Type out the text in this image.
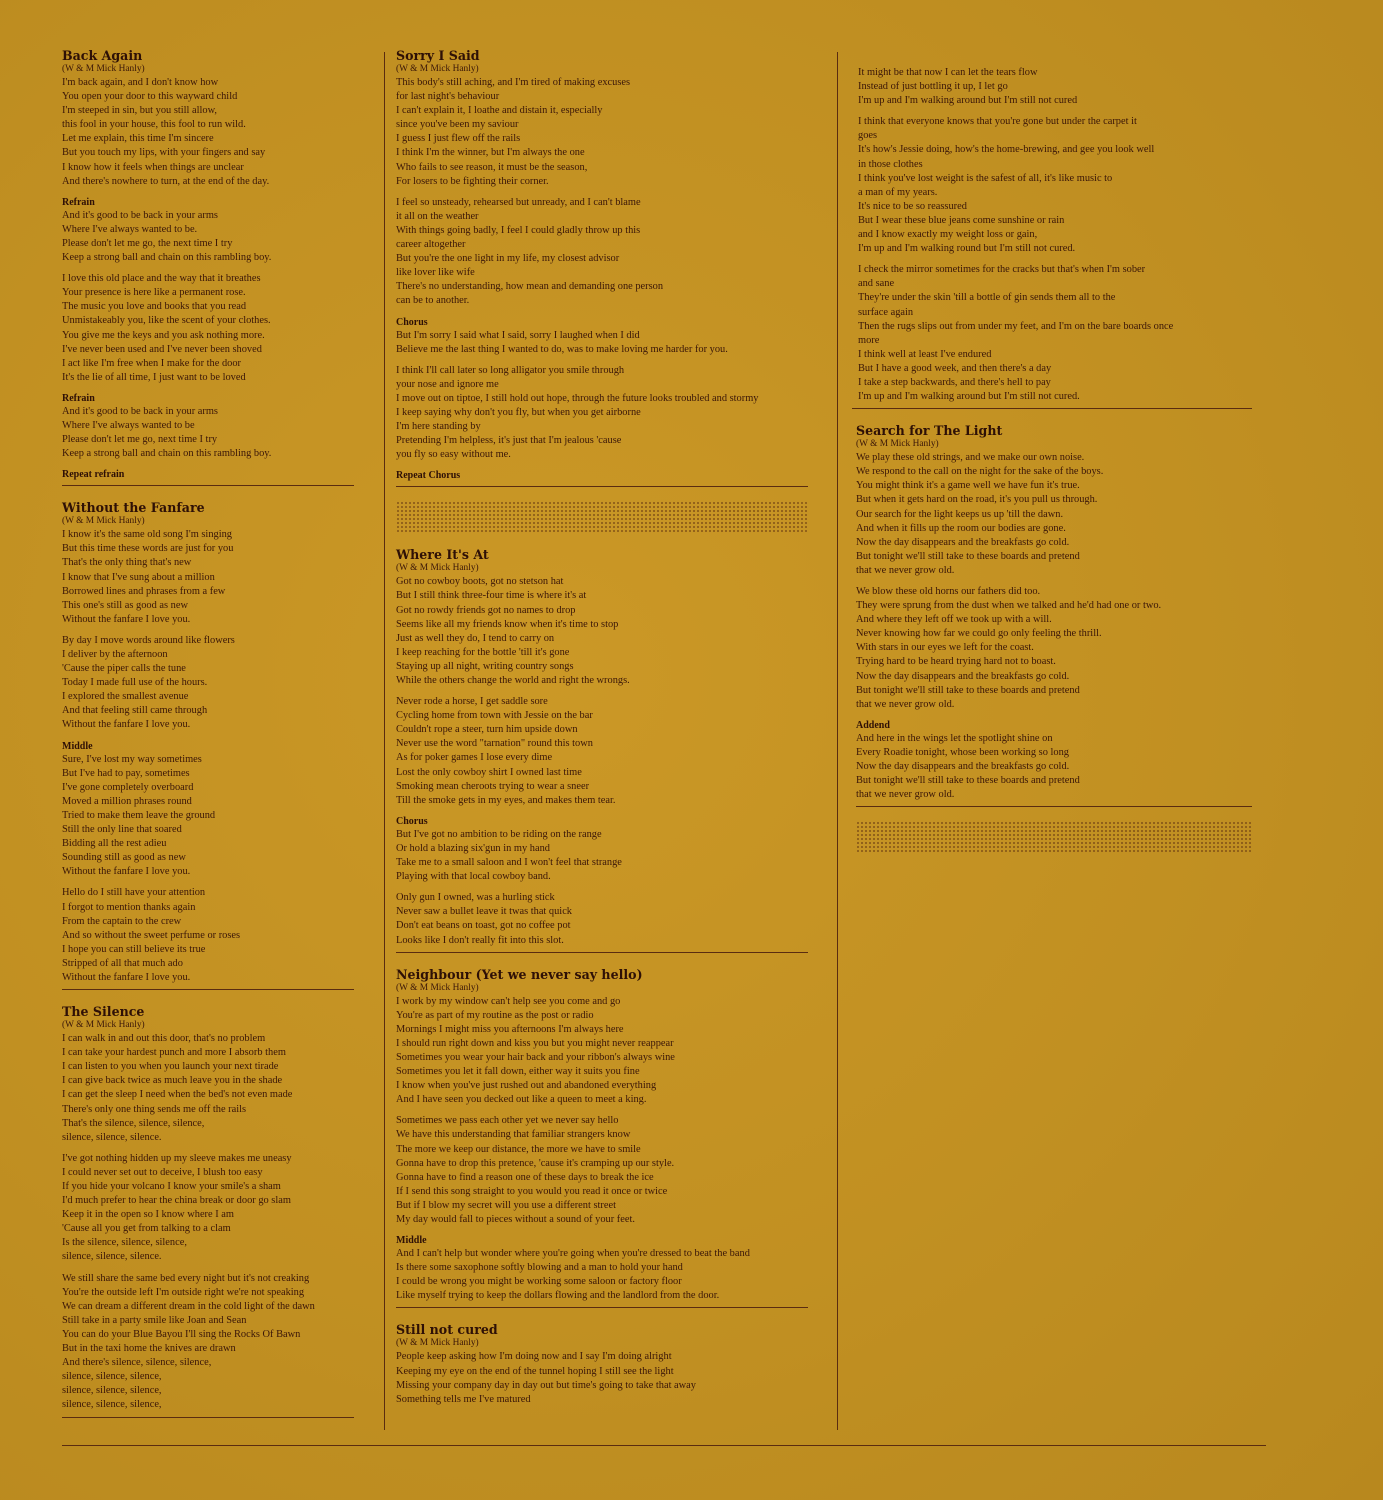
Back Again
(W & M Mick Hanly)
I'm back again, and I don't know how
You open your door to this wayward child
I'm steeped in sin, but you still allow,
this fool in your house, this fool to run wild.
Let me explain, this time I'm sincere
But you touch my lips, with your fingers and say
I know how it feels when things are unclear
And there's nowhere to turn, at the end of the day.
Refrain
And it's good to be back in your arms
Where I've always wanted to be.
Please don't let me go, the next time I try
Keep a strong ball and chain on this rambling boy.
I love this old place and the way that it breathes
Your presence is here like a permanent rose.
The music you love and books that you read
Unmistakeably you, like the scent of your clothes.
You give me the keys and you ask nothing more.
I've never been used and I've never been shoved
I act like I'm free when I make for the door
It's the lie of all time, I just want to be loved
Refrain
And it's good to be back in your arms
Where I've always wanted to be
Please don't let me go, next time I try
Keep a strong ball and chain on this rambling boy.
Repeat refrain
Without the Fanfare
(W & M Mick Hanly)
I know it's the same old song I'm singing
But this time these words are just for you
That's the only thing that's new
I know that I've sung about a million
Borrowed lines and phrases from a few
This one's still as good as new
Without the fanfare I love you.
By day I move words around like flowers
I deliver by the afternoon
'Cause the piper calls the tune
Today I made full use of the hours.
I explored the smallest avenue
And that feeling still came through
Without the fanfare I love you.
Middle
Sure, I've lost my way sometimes
But I've had to pay, sometimes
I've gone completely overboard
Moved a million phrases round
Tried to make them leave the ground
Still the only line that soared
Bidding all the rest adieu
Sounding still as good as new
Without the fanfare I love you.
Hello do I still have your attention
I forgot to mention thanks again
From the captain to the crew
And so without the sweet perfume or roses
I hope you can still believe its true
Stripped of all that much ado
Without the fanfare I love you.
The Silence
(W & M Mick Hanly)
I can walk in and out this door, that's no problem
I can take your hardest punch and more I absorb them
I can listen to you when you launch your next tirade
I can give back twice as much leave you in the shade
I can get the sleep I need when the bed's not even made
There's only one thing sends me off the rails
That's the silence, silence, silence,
silence, silence, silence.
I've got nothing hidden up my sleeve makes me uneasy
I could never set out to deceive, I blush too easy
If you hide your volcano I know your smile's a sham
I'd much prefer to hear the china break or door go slam
Keep it in the open so I know where I am
'Cause all you get from talking to a clam
Is the silence, silence, silence,
silence, silence, silence.
We still share the same bed every night but it's not creaking
You're the outside left I'm outside right we're not speaking
We can dream a different dream in the cold light of the dawn
Still take in a party smile like Joan and Sean
You can do your Blue Bayou I'll sing the Rocks Of Bawn
But in the taxi home the knives are drawn
And there's silence, silence, silence,
silence, silence, silence,
silence, silence, silence,
silence, silence, silence,
Sorry I Said
(W & M Mick Hanly)
This body's still aching, and I'm tired of making excuses
for last night's behaviour
I can't explain it, I loathe and distain it, especially
since you've been my saviour
I guess I just flew off the rails
I think I'm the winner, but I'm always the one
Who fails to see reason, it must be the season,
For losers to be fighting their corner.
I feel so unsteady, rehearsed but unready, and I can't blame
it all on the weather
With things going badly, I feel I could gladly throw up this
career altogether
But you're the one light in my life, my closest advisor
like lover like wife
There's no understanding, how mean and demanding one person
can be to another.
Chorus
But I'm sorry I said what I said, sorry I laughed when I did
Believe me the last thing I wanted to do, was to make loving me harder for you.
I think I'll call later so long alligator you smile through
your nose and ignore me
I move out on tiptoe, I still hold out hope, through the future looks troubled and stormy
I keep saying why don't you fly, but when you get airborne
I'm here standing by
Pretending I'm helpless, it's just that I'm jealous 'cause
you fly so easy without me.
Repeat Chorus
Where It's At
(W & M Mick Hanly)
Got no cowboy boots, got no stetson hat
But I still think three-four time is where it's at
Got no rowdy friends got no names to drop
Seems like all my friends know when it's time to stop
Just as well they do, I tend to carry on
I keep reaching for the bottle 'till it's gone
Staying up all night, writing country songs
While the others change the world and right the wrongs.
Never rode a horse, I get saddle sore
Cycling home from town with Jessie on the bar
Couldn't rope a steer, turn him upside down
Never use the word "tarnation" round this town
As for poker games I lose every dime
Lost the only cowboy shirt I owned last time
Smoking mean cheroots trying to wear a sneer
Till the smoke gets in my eyes, and makes them tear.
Chorus
But I've got no ambition to be riding on the range
Or hold a blazing six'gun in my hand
Take me to a small saloon and I won't feel that strange
Playing with that local cowboy band.
Only gun I owned, was a hurling stick
Never saw a bullet leave it twas that quick
Don't eat beans on toast, got no coffee pot
Looks like I don't really fit into this slot.
Neighbour (Yet we never say hello)
(W & M Mick Hanly)
I work by my window can't help see you come and go
You're as part of my routine as the post or radio
Mornings I might miss you afternoons I'm always here
I should run right down and kiss you but you might never reappear
Sometimes you wear your hair back and your ribbon's always wine
Sometimes you let it fall down, either way it suits you fine
I know when you've just rushed out and abandoned everything
And I have seen you decked out like a queen to meet a king.
Sometimes we pass each other yet we never say hello
We have this understanding that familiar strangers know
The more we keep our distance, the more we have to smile
Gonna have to drop this pretence, 'cause it's cramping up our style.
Gonna have to find a reason one of these days to break the ice
If I send this song straight to you would you read it once or twice
But if I blow my secret will you use a different street
My day would fall to pieces without a sound of your feet.
Middle
And I can't help but wonder where you're going when you're dressed to beat the band
Is there some saxophone softly blowing and a man to hold your hand
I could be wrong you might be working some saloon or factory floor
Like myself trying to keep the dollars flowing and the landlord from the door.
Still not cured
(W & M Mick Hanly)
People keep asking how I'm doing now and I say I'm doing alright
Keeping my eye on the end of the tunnel hoping I still see the light
Missing your company day in day out but time's going to take that away
Something tells me I've matured
It might be that now I can let the tears flow
Instead of just bottling it up, I let go
I'm up and I'm walking around but I'm still not cured
I think that everyone knows that you're gone but under the carpet it
goes
It's how's Jessie doing, how's the home-brewing, and gee you look well
in those clothes
I think you've lost weight is the safest of all, it's like music to
a man of my years.
It's nice to be so reassured
But I wear these blue jeans come sunshine or rain
and I know exactly my weight loss or gain,
I'm up and I'm walking round but I'm still not cured.
I check the mirror sometimes for the cracks but that's when I'm sober
and sane
They're under the skin 'till a bottle of gin sends them all to the
surface again
Then the rugs slips out from under my feet, and I'm on the bare boards once
more
I think well at least I've endured
But I have a good week, and then there's a day
I take a step backwards, and there's hell to pay
I'm up and I'm walking around but I'm still not cured.
Search for The Light
(W & M Mick Hanly)
We play these old strings, and we make our own noise.
We respond to the call on the night for the sake of the boys.
You might think it's a game well we have fun it's true.
But when it gets hard on the road, it's you pull us through.
Our search for the light keeps us up 'till the dawn.
And when it fills up the room our bodies are gone.
Now the day disappears and the breakfasts go cold.
But tonight we'll still take to these boards and pretend
that we never grow old.
We blow these old horns our fathers did too.
They were sprung from the dust when we talked and he'd had one or two.
And where they left off we took up with a will.
Never knowing how far we could go only feeling the thrill.
With stars in our eyes we left for the coast.
Trying hard to be heard trying hard not to boast.
Now the day disappears and the breakfasts go cold.
But tonight we'll still take to these boards and pretend
that we never grow old.
Addend
And here in the wings let the spotlight shine on
Every Roadie tonight, whose been working so long
Now the day disappears and the breakfasts go cold.
But tonight we'll still take to these boards and pretend
that we never grow old.
